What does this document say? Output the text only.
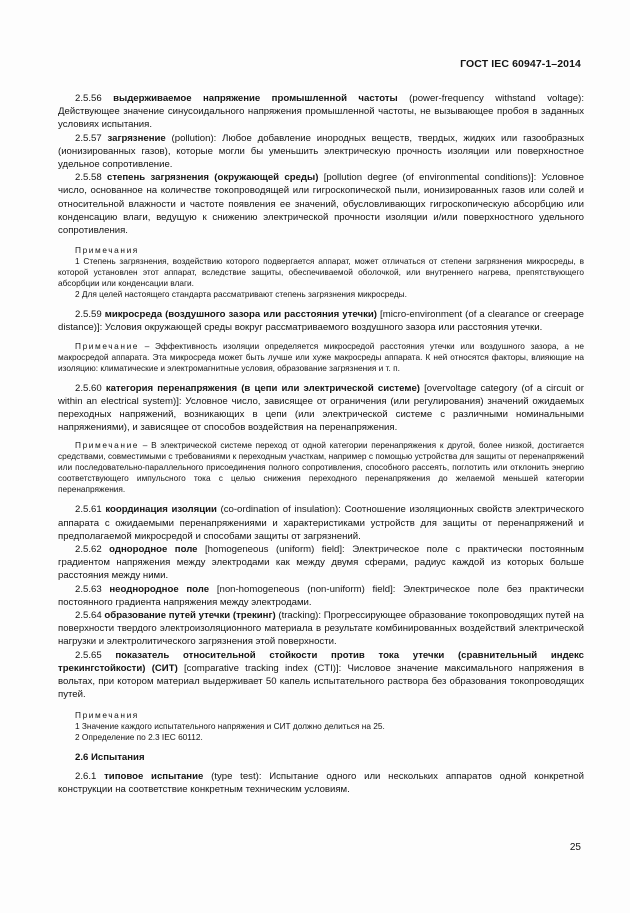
ГОСТ IEC 60947-1–2014

2.5.56 выдерживаемое напряжение промышленной частоты (power-frequency withstand voltage): Действующее значение синусоидального напряжения промышленной частоты, не вызывающее пробоя в заданных условиях испытания.

2.5.57 загрязнение (pollution): Любое добавление инородных веществ, твердых, жидких или газообразных (ионизированных газов), которые могли бы уменьшить электрическую прочность изоляции или поверхностное удельное сопротивление.

2.5.58 степень загрязнения (окружающей среды) [pollution degree (of environmental conditions)]: Условное число, основанное на количестве токопроводящей или гигроскопической пыли, ионизированных газов или солей и относительной влажности и частоте появления ее значений, обусловливающих гигроскопическую абсорбцию или конденсацию влаги, ведущую к снижению электрической прочности изоляции и/или поверхностного удельного сопротивления.

Примечания

1 Степень загрязнения, воздействию которого подвергается аппарат, может отличаться от степени загрязнения микросреды, в которой установлен этот аппарат, вследствие защиты, обеспечиваемой оболочкой, или внутреннего нагрева, препятствующего абсорбции или конденсации влаги.

2 Для целей настоящего стандарта рассматривают степень загрязнения микросреды.

2.5.59 микросреда (воздушного зазора или расстояния утечки) [micro-environment (of a clearance or creepage distance)]: Условия окружающей среды вокруг рассматриваемого воздушного зазора или расстояния утечки.

Примечание – Эффективность изоляции определяется микросредой расстояния утечки или воздушного зазора, а не макросредой аппарата. Эта микросреда может быть лучше или хуже макросреды аппарата. К ней относятся факторы, влияющие на изоляцию: климатические и электромагнитные условия, образование загрязнения и т. п.

2.5.60 категория перенапряжения (в цепи или электрической системе) [overvoltage category (of a circuit or within an electrical system)]: Условное число, зависящее от ограничения (или регулирования) значений ожидаемых переходных напряжений, возникающих в цепи (или электрической системе с различными номинальными напряжениями), и зависящее от способов воздействия на перенапряжения.

Примечание – В электрической системе переход от одной категории перенапряжения к другой, более низкой, достигается средствами, совместимыми с требованиями к переходным участкам, например с помощью устройства для защиты от перенапряжений или последовательно-параллельного присоединения полного сопротивления, способного рассеять, поглотить или отклонить энергию соответствующего импульсного тока с целью снижения переходного перенапряжения до желаемой меньшей категории перенапряжения.

2.5.61 координация изоляции (co-ordination of insulation): Соотношение изоляционных свойств электрического аппарата с ожидаемыми перенапряжениями и характеристиками устройств для защиты от перенапряжений и предполагаемой микросредой и способами защиты от загрязнений.

2.5.62 однородное поле [homogeneous (uniform) field]: Электрическое поле с практически постоянным градиентом напряжения между электродами как между двумя сферами, радиус каждой из которых больше расстояния между ними.

2.5.63 неоднородное поле [non-homogeneous (non-uniform) field]: Электрическое поле без практически постоянного градиента напряжения между электродами.

2.5.64 образование путей утечки (трекинг) (tracking): Прогрессирующее образование токопроводящих путей на поверхности твердого электроизоляционного материала в результате комбинированных воздействий электрической нагрузки и электролитического загрязнения этой поверхности.

2.5.65 показатель относительной стойкости против тока утечки (сравнительный индекс трекингстойкости) (СИТ) [comparative tracking index (CTI)]: Числовое значение максимального напряжения в вольтах, при котором материал выдерживает 50 капель испытательного раствора без образования токопроводящих путей.

Примечания

1 Значение каждого испытательного напряжения и СИТ должно делиться на 25.

2 Определение по 2.3 IEC 60112.

2.6 Испытания

2.6.1 типовое испытание (type test): Испытание одного или нескольких аппаратов одной конкретной конструкции на соответствие конкретным техническим условиям.

25
